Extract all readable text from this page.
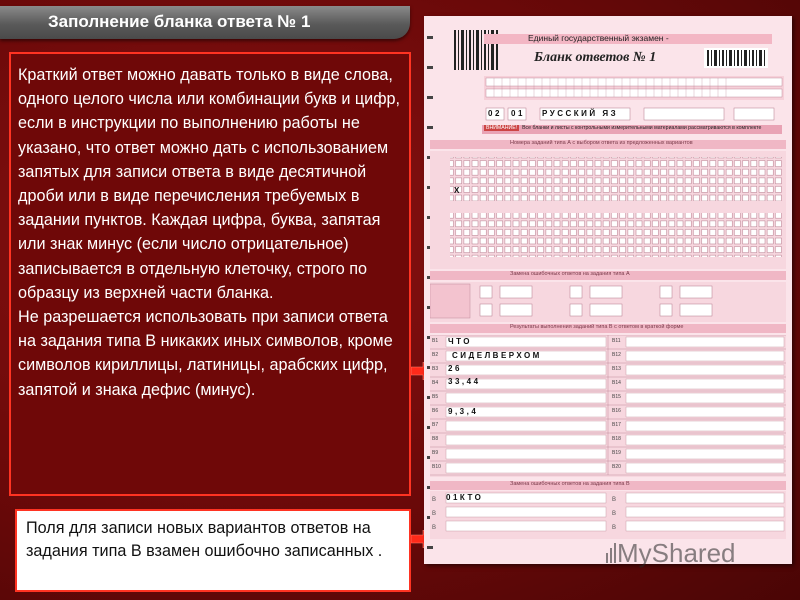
Заполнение бланка ответа № 1
Краткий ответ можно давать только в виде слова, одного целого числа или комбинации букв и цифр, если в инструкции по выполнению работы не указано, что ответ можно дать с использованием запятых для записи ответа в виде десятичной дроби или в виде перечисления требуемых в задании пунктов. Каждая цифра, буква, запятая или знак минус (если число отрицательное) записывается в отдельную клеточку, строго по образцу из верхней части бланка.
Не разрешается использовать при записи ответа на задания типа В никаких иных символов, кроме символов кириллицы, латиницы, арабских цифр, запятой и знака дефис (минус).
Поля для записи новых вариантов ответов на задания типа В взамен ошибочно записанных .
Единый государственный экзамен -
Бланк ответов № 1
02 01 РУССКИЙ ЯЗ
ВНИМАНИЕ! Все бланки и листы с контрольными измерительными материалами рассматриваются в комплекте
Номера заданий типа А с выбором ответа из предложенных вариантов
X
Замена ошибочных ответов на задания типа А
Результаты выполнения заданий типа В с ответом в краткой форме
B1
B2
B3
B4
B5
B6
B7
B8
B9
B10
B11
B12
B13
B14
B15
B16
B17
B18
B19
B20
ЧТО
СИДЕЛВЕРХОМ
26
33,44
9,3,4
Замена ошибочных ответов на задания типа В
B
B
B
B
B
B
01КТО
MyShared
